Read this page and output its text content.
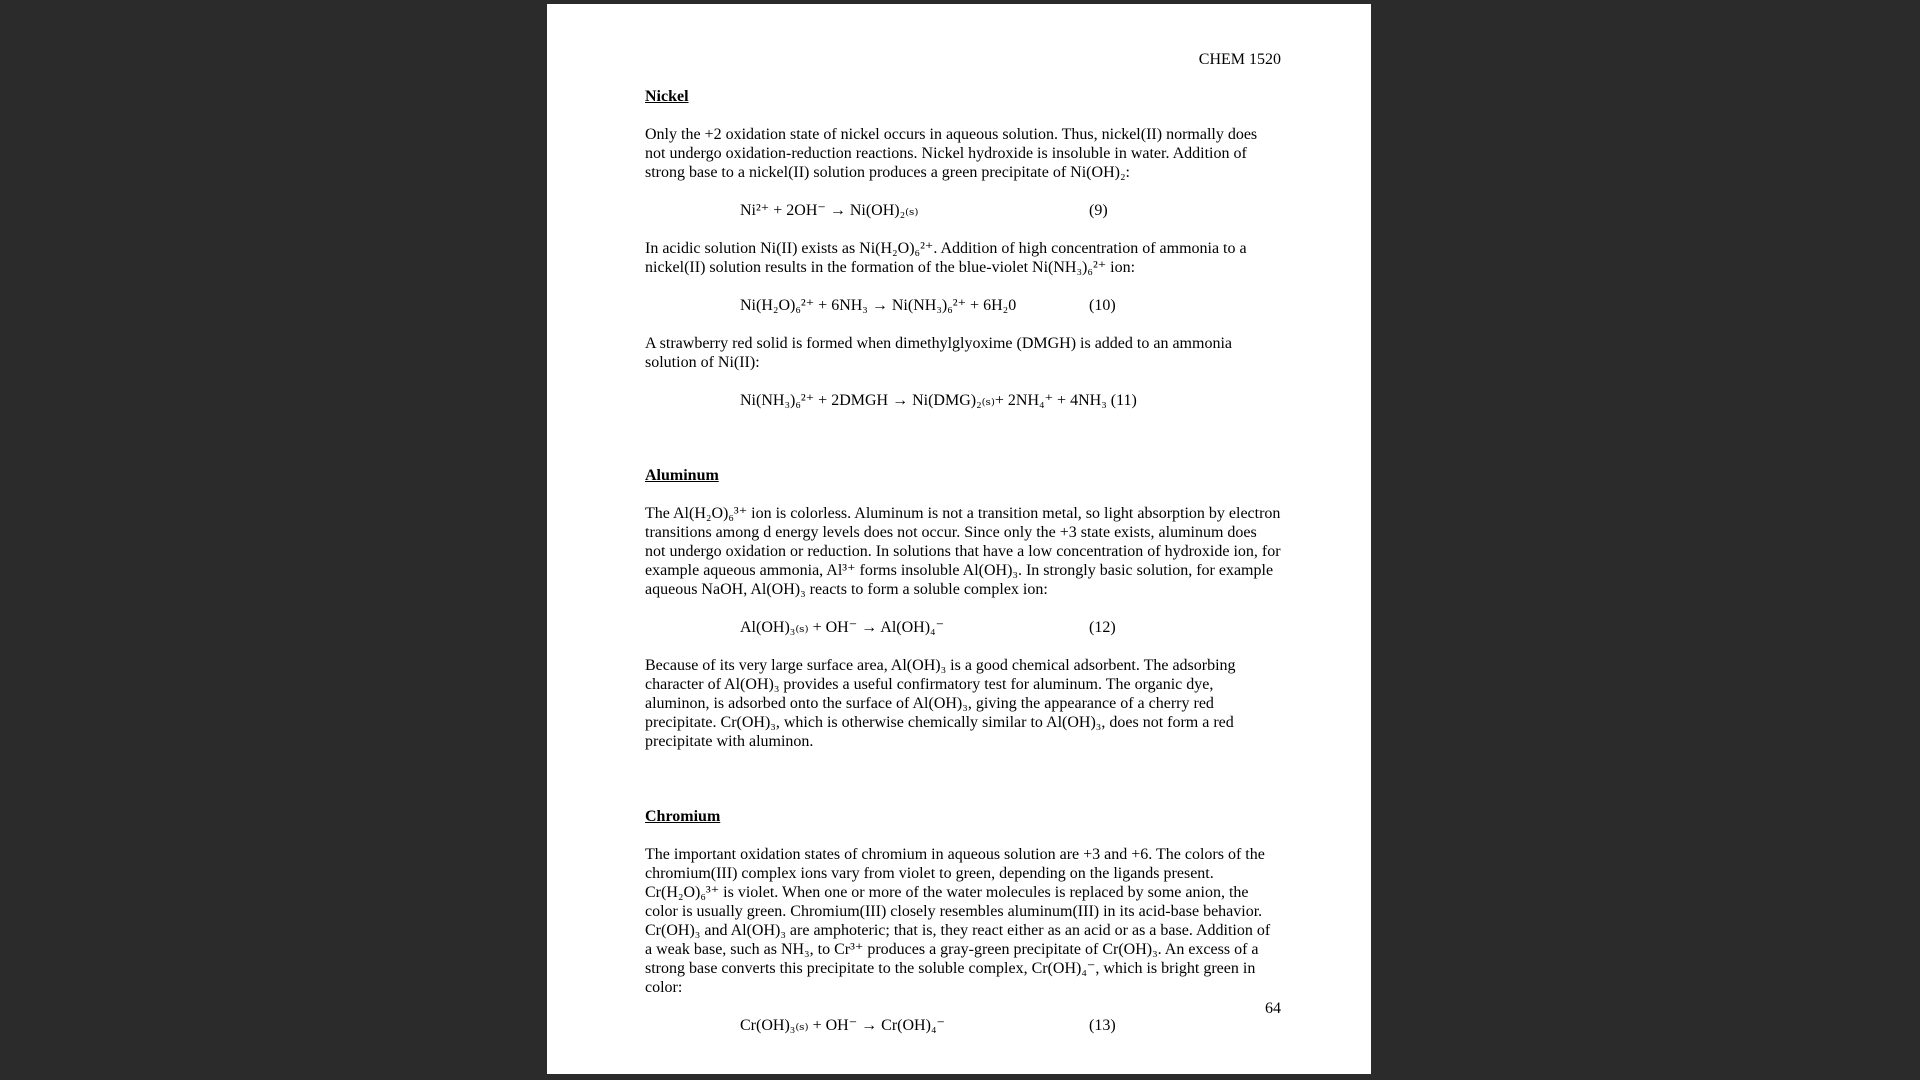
CHEM 1520
Nickel

Only the +2 oxidation state of nickel occurs in aqueous solution. Thus, nickel(II) normally does not undergo oxidation-reduction reactions. Nickel hydroxide is insoluble in water. Addition of strong base to a nickel(II) solution produces a green precipitate of Ni(OH)₂:

Ni²⁺ + 2OH⁻ → Ni(OH)₂₍ₛ₎	(9)

In acidic solution Ni(II) exists as Ni(H₂O)₆²⁺. Addition of high concentration of ammonia to a nickel(II) solution results in the formation of the blue-violet Ni(NH₃)₆²⁺ ion:

Ni(H₂O)₆²⁺ + 6NH₃ → Ni(NH₃)₆²⁺ + 6H₂0	(10)

A strawberry red solid is formed when dimethylglyoxime (DMGH) is added to an ammonia solution of Ni(II):

Ni(NH₃)₆²⁺ + 2DMGH → Ni(DMG)₂₍ₛ₎+ 2NH₄⁺ + 4NH₃ (11)
Aluminum

The Al(H₂O)₆³⁺ ion is colorless. Aluminum is not a transition metal, so light absorption by electron transitions among d energy levels does not occur. Since only the +3 state exists, aluminum does not undergo oxidation or reduction. In solutions that have a low concentration of hydroxide ion, for example aqueous ammonia, Al³⁺ forms insoluble Al(OH)₃. In strongly basic solution, for example aqueous NaOH, Al(OH)₃ reacts to form a soluble complex ion:

Al(OH)₃₍ₛ₎ + OH⁻ → Al(OH)₄⁻	(12)

Because of its very large surface area, Al(OH)₃ is a good chemical adsorbent. The adsorbing character of Al(OH)₃ provides a useful confirmatory test for aluminum. The organic dye, aluminon, is adsorbed onto the surface of Al(OH)₃, giving the appearance of a cherry red precipitate. Cr(OH)₃, which is otherwise chemically similar to Al(OH)₃, does not form a red precipitate with aluminon.

Chromium

The important oxidation states of chromium in aqueous solution are +3 and +6. The colors of the chromium(III) complex ions vary from violet to green, depending on the ligands present. Cr(H₂O)₆³⁺ is violet. When one or more of the water molecules is replaced by some anion, the color is usually green. Chromium(III) closely resembles aluminum(III) in its acid-base behavior. Cr(OH)₃ and Al(OH)₃ are amphoteric; that is, they react either as an acid or as a base. Addition of a weak base, such as NH₃, to Cr³⁺ produces a gray-green precipitate of Cr(OH)₃. An excess of a strong base converts this precipitate to the soluble complex, Cr(OH)₄⁻, which is bright green in color:

Cr(OH)₃₍ₛ₎ + OH⁻ → Cr(OH)₄⁻	(13)
64
